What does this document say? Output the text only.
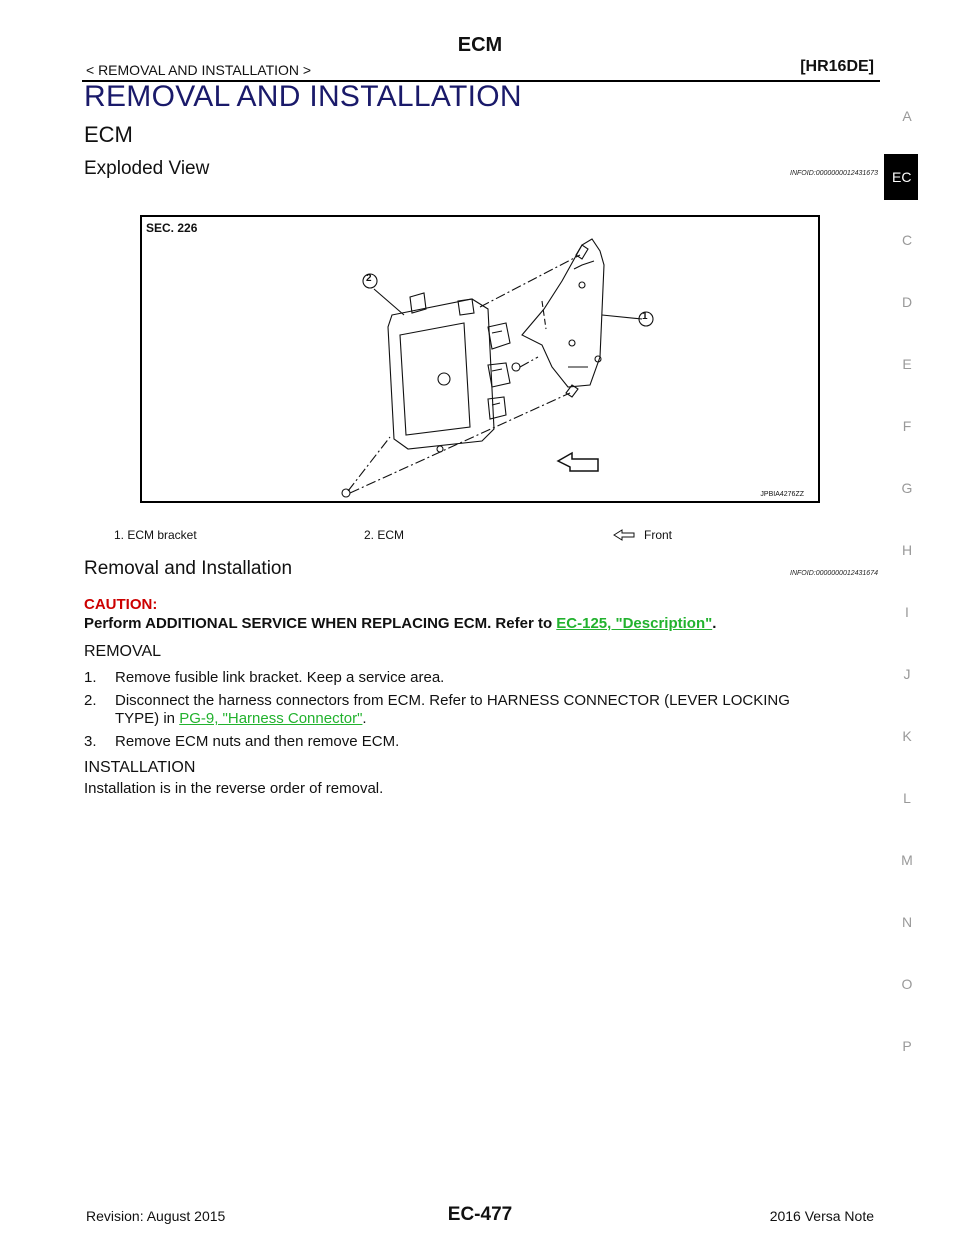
ECM
< REMOVAL AND INSTALLATION >	[HR16DE]
REMOVAL AND INSTALLATION
ECM
Exploded View	INFOID:0000000012431673
A
EC
C
D
E
F
G
H
I
J
K
L
M
N
O
P
SEC. 226
1
2
JPBIA4276ZZ
1. ECM bracket	2. ECM	Front
Removal and Installation	INFOID:0000000012431674
CAUTION:
Perform ADDITIONAL SERVICE WHEN REPLACING ECM. Refer to EC-125, "Description".
REMOVAL
1. Remove fusible link bracket. Keep a service area.
2. Disconnect the harness connectors from ECM. Refer to HARNESS CONNECTOR (LEVER LOCKING
TYPE) in PG-9, "Harness Connector".
3. Remove ECM nuts and then remove ECM.
INSTALLATION
Installation is in the reverse order of removal.
Revision: August 2015	EC-477	2016 Versa Note
